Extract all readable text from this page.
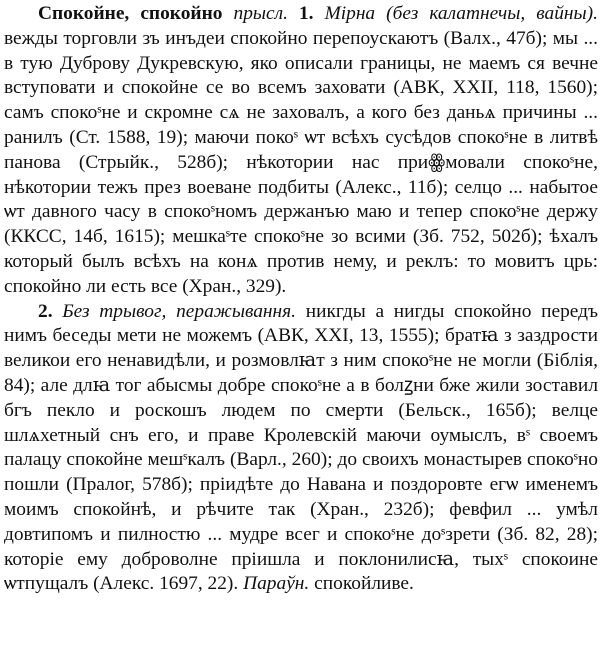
Спокойне, спокойно прысл. 1. Мірна (без калатнечы, вайны). вежды торговли зъ инъдеи спокойно перепоускаютъ (Валх., 47б); мы ... в тую Дуброву Дукревскую, яко описали границы, не маемъ ся вечне вступовати и спокойне се во всемъ заховати (АВК, XXII, 118, 1560); самъ спокоˢне и скромне сѧ не заховалъ, а кого без даньѧ причины ... ранилъ (Ст. 1588, 19); маючи покоˢ ѡт всѣхъ сусѣдов спокоˢне в литвѣ панова (Стрыйк., 528б); нѣкотории нас приꙮмовали спокоˢне, нѣкотории тежъ през воеване подбиты (Алекс., 11б); селцо ... набытое ѡт давного часу в спокоˢномъ держанъю маю и тепер спокоˢне держу (ККСС, 14б, 1615); мешкаˢте спокоˢне зо всими (Зб. 752, 502б); ѣхалъ который былъ всѣхъ на конѧ против нему, и реклъ: то мовитъ црь: спокойно ли есть все (Хран., 329).

2. Без трывог, перажывання. никгды а нигды спокойно передъ нимъ беседы мети не можемъ (АВК, XXI, 13, 1555); братꙗ з заздрости великои его ненавидѣли, и розмовлꙗт з ним спокоˢне не могли (Біблія, 84); але длꙗ тог абысмы добре спокоˢне а в болꙁни бже жили зоставил бгъ пекло и роскошъ людем по смерти (Бельск., 165б); велце шлѧхетный снъ его, и праве Кролевскій маючи оумыслъ, вˢ своемъ палацу спокойне мешˢкалъ (Варл., 260); до своихъ монастырев спокоˢно пошли (Пралог, 578б); пріидѣте до Навана и поздоровте егѡ именемъ моимъ спокойнѣ, и рѣчите так (Хран., 232б); февфил ... умѣл довтипомъ и пилностю ... мудре всег и спокоˢне доˢзрети (Зб. 82, 28); которіе ему доброволне пріишла и поклонилисꙗ, тыхˢ спокоине ѡтпущалъ (Алекс. 1697, 22). Параўн. спокойливе.
